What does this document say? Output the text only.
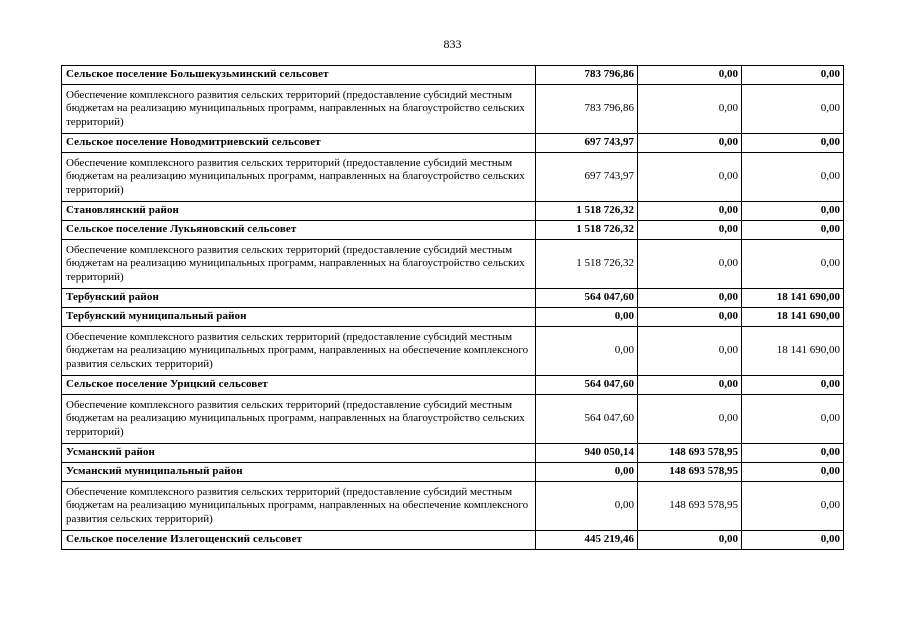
833
Сельское поселение Большекузьминский сельсовет	783 796,86	0,00	0,00
Обеспечение комплексного развития сельских территорий (предоставление субсидий местным бюджетам на реализацию муниципальных программ, направленных на благоустройство сельских территорий)	783 796,86	0,00	0,00
Сельское поселение Новодмитриевский сельсовет	697 743,97	0,00	0,00
Обеспечение комплексного развития сельских территорий (предоставление субсидий местным бюджетам на реализацию муниципальных программ, направленных на благоустройство сельских территорий)	697 743,97	0,00	0,00
Становлянский район	1 518 726,32	0,00	0,00
Сельское поселение Лукьяновский сельсовет	1 518 726,32	0,00	0,00
Обеспечение комплексного развития сельских территорий (предоставление субсидий местным бюджетам на реализацию муниципальных программ, направленных на благоустройство сельских территорий)	1 518 726,32	0,00	0,00
Тербунский район	564 047,60	0,00	18 141 690,00
Тербунский муниципальный район	0,00	0,00	18 141 690,00
Обеспечение комплексного развития сельских территорий (предоставление субсидий местным бюджетам на реализацию муниципальных программ, направленных на обеспечение комплексного развития сельских территорий)	0,00	0,00	18 141 690,00
Сельское поселение Урицкий сельсовет	564 047,60	0,00	0,00
Обеспечение комплексного развития сельских территорий (предоставление субсидий местным бюджетам на реализацию муниципальных программ, направленных на благоустройство сельских территорий)	564 047,60	0,00	0,00
Усманский район	940 050,14	148 693 578,95	0,00
Усманский муниципальный район	0,00	148 693 578,95	0,00
Обеспечение комплексного развития сельских территорий (предоставление субсидий местным бюджетам на реализацию муниципальных программ, направленных на обеспечение комплексного развития сельских территорий)	0,00	148 693 578,95	0,00
Сельское поселение Излегощенский сельсовет	445 219,46	0,00	0,00
